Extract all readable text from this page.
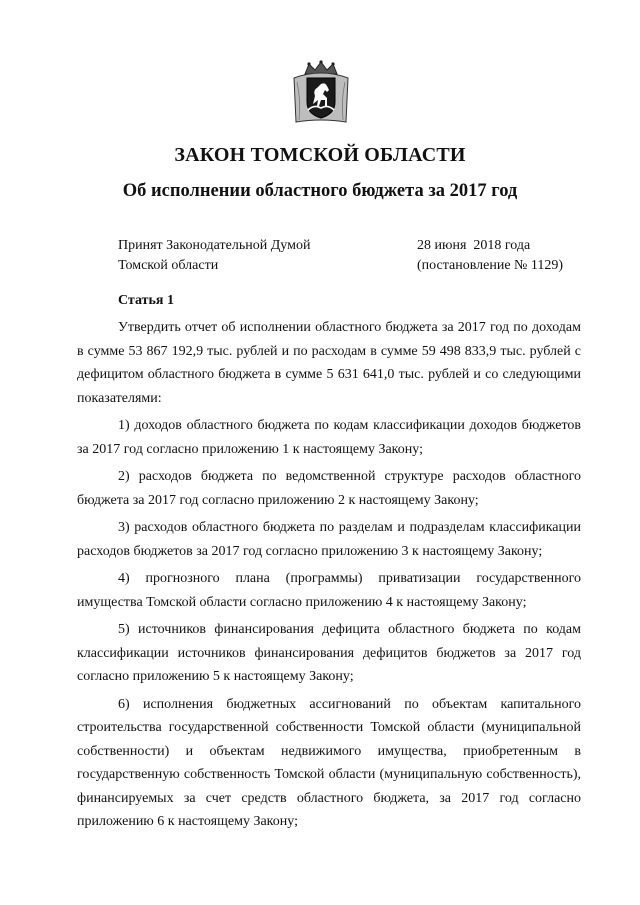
ЗАКОН ТОМСКОЙ ОБЛАСТИ
Об исполнении областного бюджета за 2017 год
Принят Законодательной Думой
Томской области
28 июня  2018 года
(постановление № 1129)
Статья 1

Утвердить отчет об исполнении областного бюджета за 2017 год по доходам в сумме 53 867 192,9 тыс. рублей и по расходам в сумме 59 498 833,9 тыс. рублей с дефицитом областного бюджета в сумме 5 631 641,0 тыс. рублей и со следующими показателями:

1) доходов областного бюджета по кодам классификации доходов бюджетов за 2017 год согласно приложению 1 к настоящему Закону;

2) расходов бюджета по ведомственной структуре расходов областного бюджета за 2017 год согласно приложению 2 к настоящему Закону;

3) расходов областного бюджета по разделам и подразделам классификации расходов бюджетов за 2017 год согласно приложению 3 к настоящему Закону;

4) прогнозного плана (программы) приватизации государственного имущества Томской области согласно приложению 4 к настоящему Закону;

5) источников финансирования дефицита областного бюджета по кодам классификации источников финансирования дефицитов бюджетов за 2017 год согласно приложению 5 к настоящему Закону;

6) исполнения бюджетных ассигнований по объектам капитального строительства государственной собственности Томской области (муниципальной собственности) и объектам недвижимого имущества, приобретенным в государственную собственность Томской области (муниципальную собственность), финансируемых за счет средств областного бюджета, за 2017 год согласно приложению 6 к настоящему Закону;
